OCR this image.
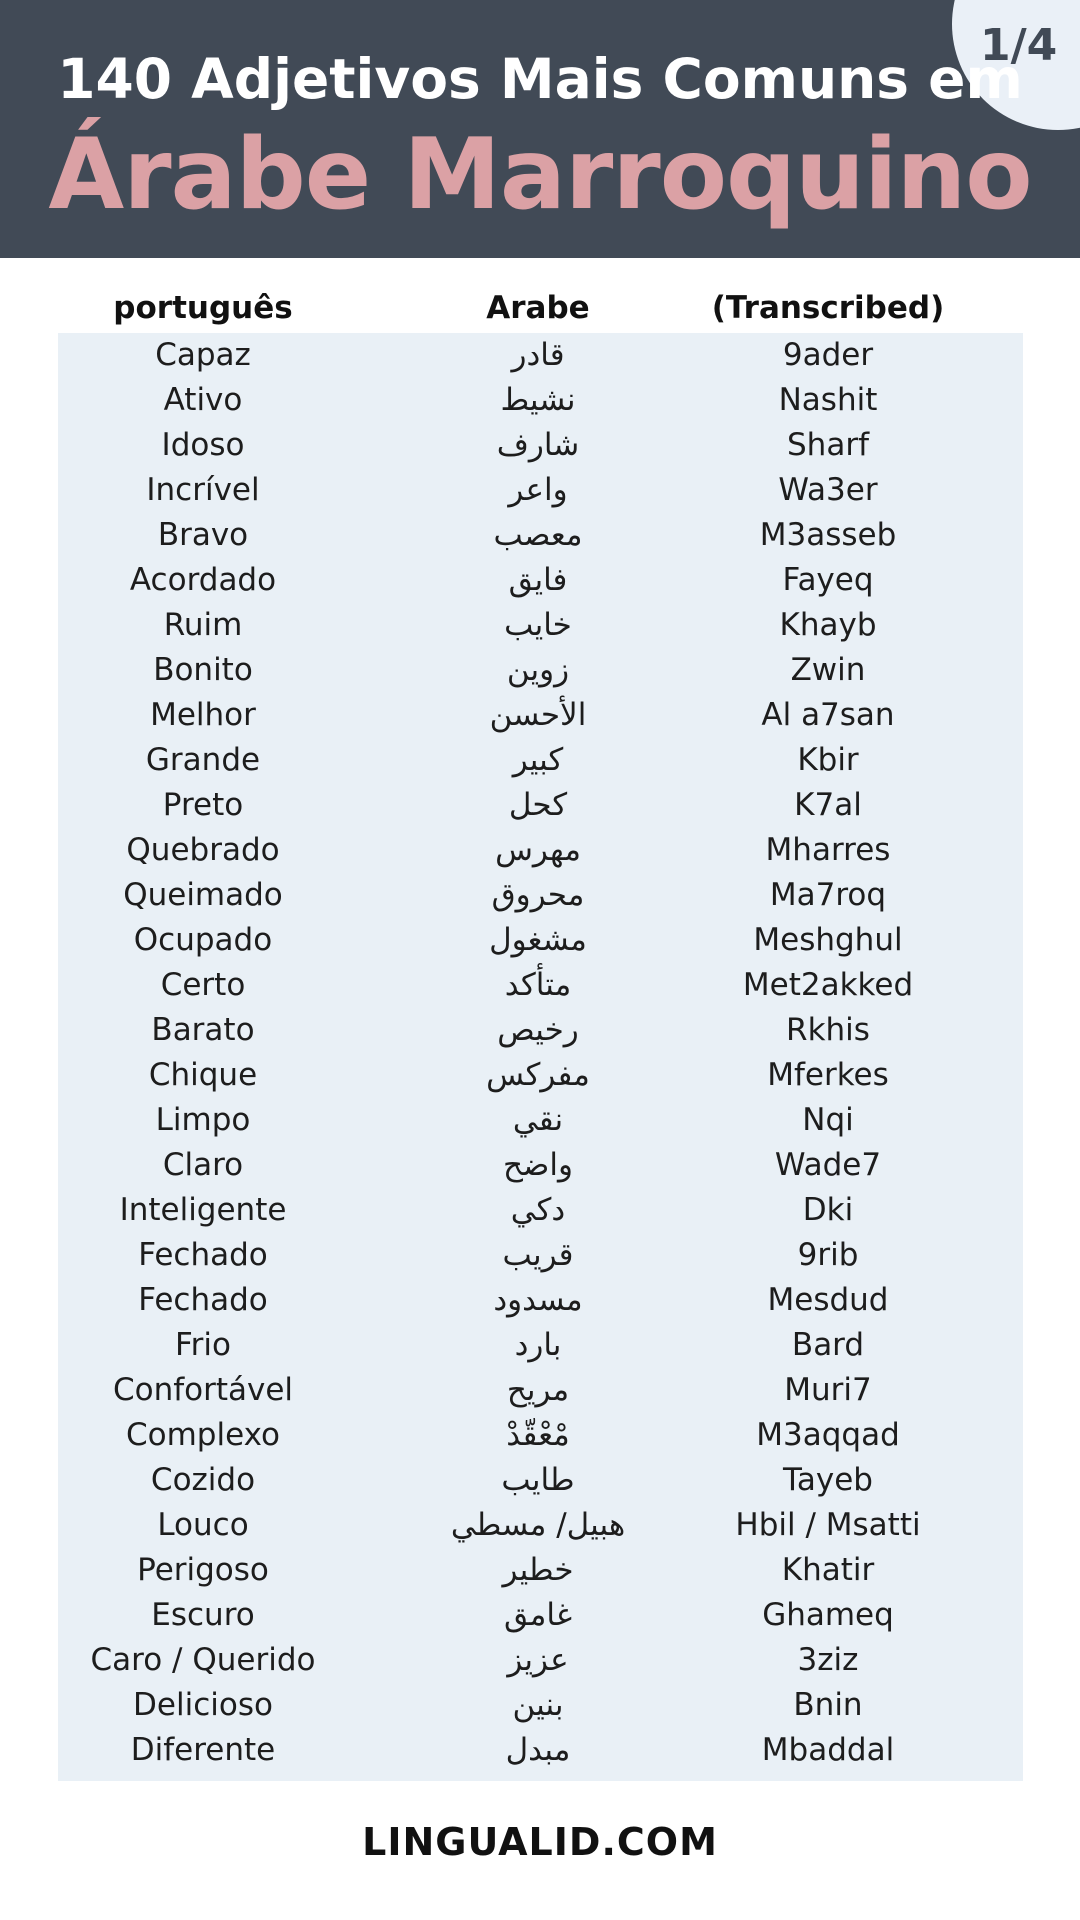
1/4
140 Adjetivos Mais Comuns em
Árabe Marroquino
português	Arabe	(Transcribed)
Capaz	قادر	9ader
Ativo	نشيط	Nashit
Idoso	شارف	Sharf
Incrível	واعر	Wa3er
Bravo	معصب	M3asseb
Acordado	فايق	Fayeq
Ruim	خايب	Khayb
Bonito	زوين	Zwin
Melhor	الأحسن	Al a7san
Grande	كبير	Kbir
Preto	كحل	K7al
Quebrado	مهرس	Mharres
Queimado	محروق	Ma7roq
Ocupado	مشغول	Meshghul
Certo	متأكد	Met2akked
Barato	رخيص	Rkhis
Chique	مفركس	Mferkes
Limpo	نقي	Nqi
Claro	واضح	Wade7
Inteligente	دكي	Dki
Fechado	قريب	9rib
Fechado	مسدود	Mesdud
Frio	بارد	Bard
Confortável	مريح	Muri7
Complexo	مْعْقّدْ	M3aqqad
Cozido	طايب	Tayeb
Louco	هبيل/ مسطي	Hbil / Msatti
Perigoso	خطير	Khatir
Escuro	غامق	Ghameq
Caro / Querido	عزيز	3ziz
Delicioso	بنين	Bnin
Diferente	مبدل	Mbaddal
LINGUALID.COM
